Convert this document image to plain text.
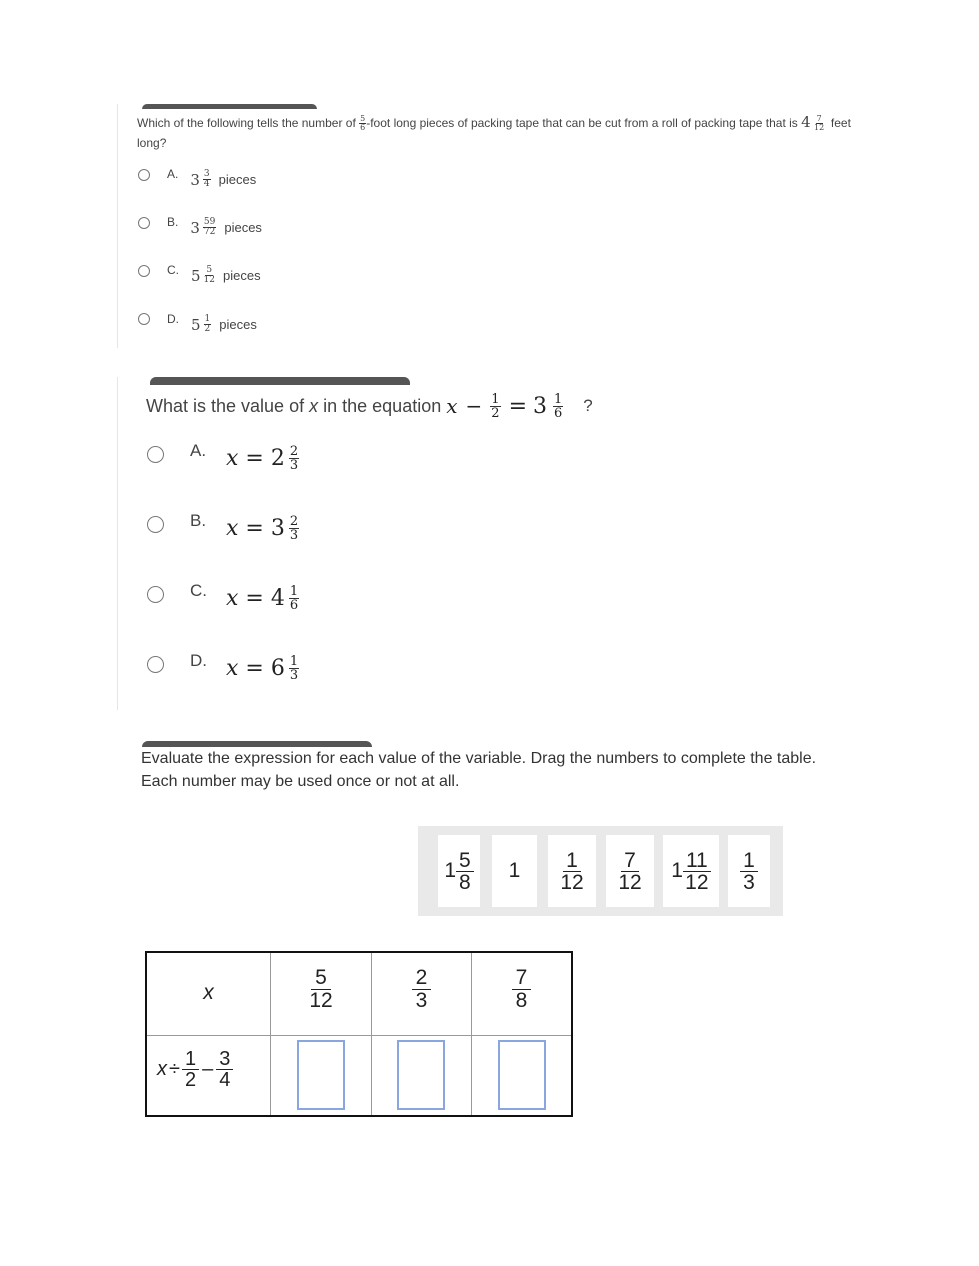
Which of the following tells the number of $\frac{5}{6}$ -foot long pieces of packing tape that can be cut from a roll of packing tape that is $4 \frac{7}{12}$ feet
long?
A. $3 \frac{3}{4}$ pieces
B. $3 \frac{59}{72}$ pieces
C. $5 \frac{5}{12}$ pieces
D. $5 \frac{1}{2}$ pieces
What is the value of
x
in the equation
$x - \frac{1}{2} = 3 \frac{1}{6}$ ?
A. x
=
$2 \frac{2}{3}$
B. x
=
$3 \frac{2}{3}$
C. x
=
$4 \frac{1}{6}$
D. x
=
$6 \frac{1}{3}$
Evaluate the expression for each value of the variable. Drag the numbers to complete the table.
Each number may be used once or not at all.
$1 \frac{5}{8} 1 \frac{1}{12} \frac{7}{12} 1 \frac{11}{12} \frac{1}{3}$
x
5
12
2
3
7
8
$x \div \frac{1}{2} - \frac{3}{4}$
